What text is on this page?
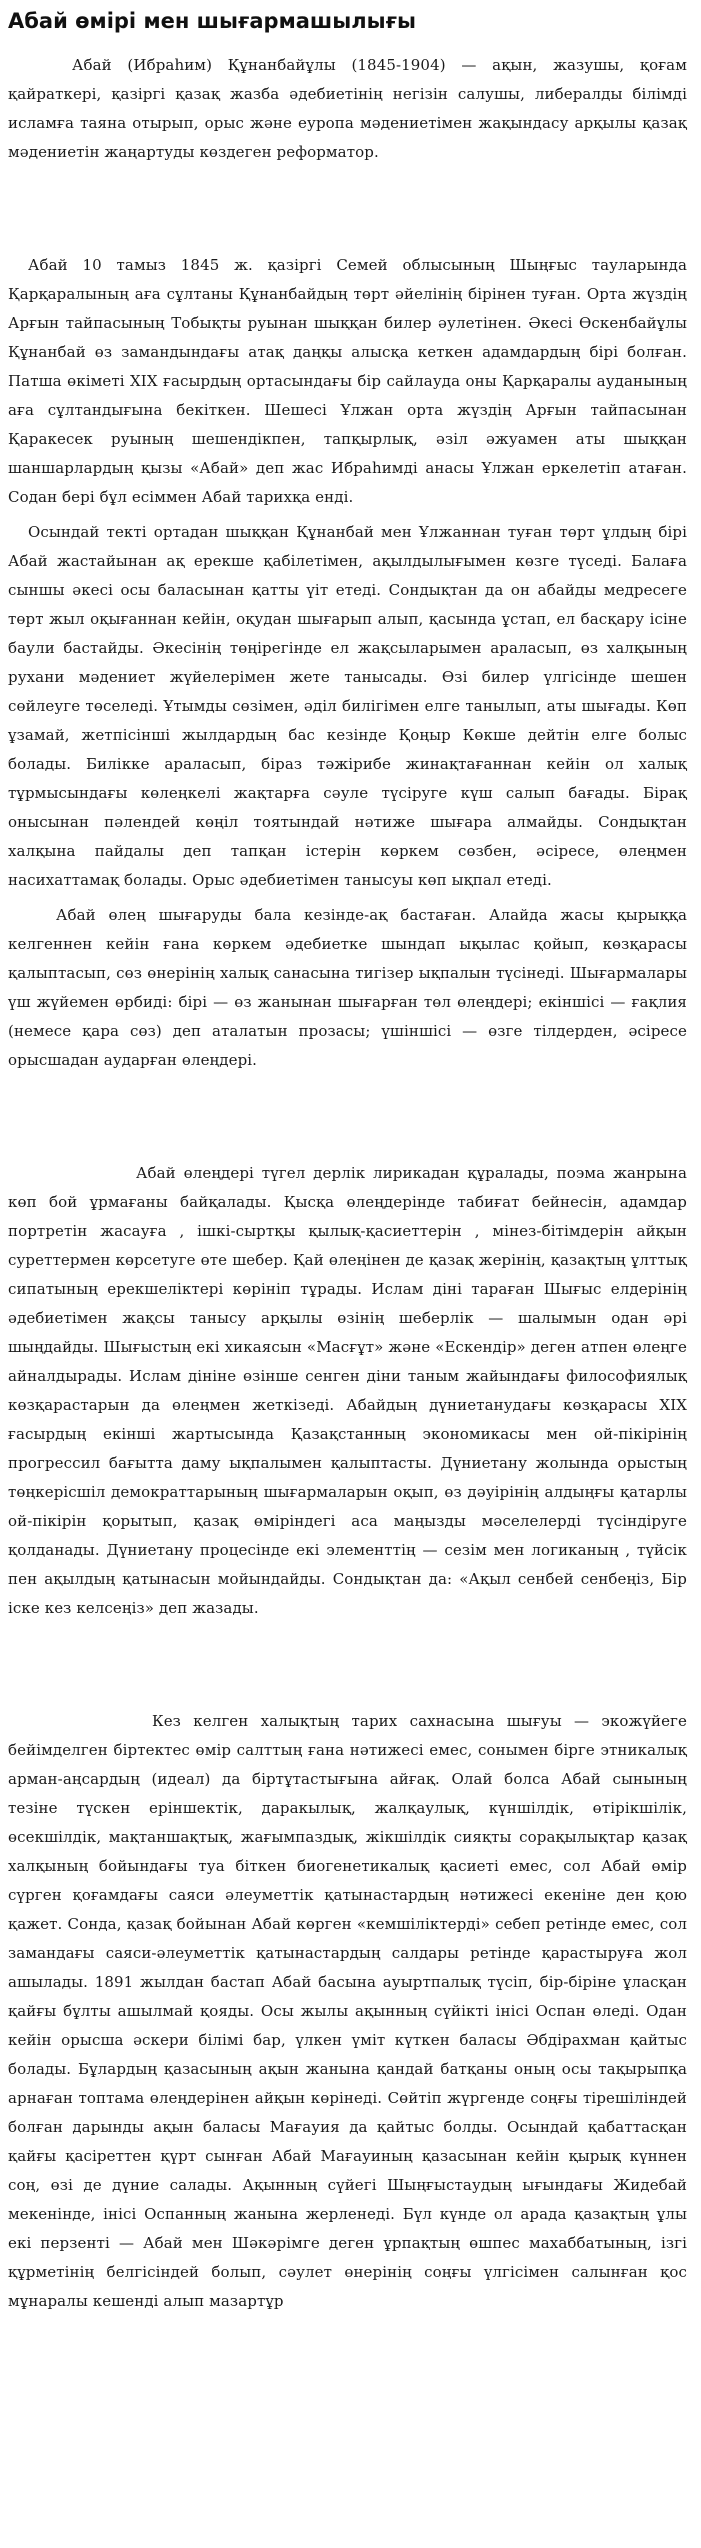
Абай өмірі мен шығармашылығы

Абай (Ибраһим) Құнанбайұлы (1845-1904) — ақын, жазушы, қоғам қайраткері, қазіргі қазақ жазба әдебиетінің негізін салушы, либералды білімді исламға таяна отырып, орыс және еуропа мәдениетімен жақындасу арқылы қазақ мәдениетін жаңартуды көздеген реформатор.

Абай 10 тамыз 1845 ж. қазіргі Семей облысының Шыңғыс тауларында Қарқаралының аға сұлтаны Құнанбайдың төрт әйелінің бірінен туған. Орта жүздің Арғын тайпасының Тобықты руынан шыққан билер әулетінен. Әкесі Өскенбайұлы Құнанбай өз замандындағы атақ даңқы алысқа кеткен адамдардың бірі болған. Патша өкіметі XIX ғасырдың ортасындағы бір сайлауда оны Қарқаралы ауданының аға сұлтандығына бекіткен. Шешесі Ұлжан орта жүздің Арғын тайпасынан Қаракесек руының шешендікпен, тапқырлық, әзіл әжуамен аты шыққан шаншарлардың қызы «Абай» деп жас Ибраһимді анасы Ұлжан еркелетіп атаған. Содан бері бұл есіммен Абай тарихқа енді.

Осындай текті ортадан шыққан Құнанбай мен Ұлжаннан туған төрт ұлдың бірі Абай жастайынан ақ ерекше қабілетімен, ақылдылығымен көзге түседі. Балаға сыншы әкесі осы баласынан қатты үіт етеді. Сондықтан да он абайды медресеге төрт жыл оқығаннан кейін, оқудан шығарып алып, қасында ұстап, ел басқару ісіне баули бастайды. Әкесінің төңірегінде ел жақсыларымен араласып, өз халқының рухани мәдениет жүйелерімен жете танысады. Өзі билер үлгісінде шешен сөйлеуге төселеді. Ұтымды сөзімен, әділ билігімен елге танылып, аты шығады. Көп ұзамай, жетпісінші жылдардың бас кезінде Қоңыр Көкше дейтін елге болыс болады. Билікке араласып, біраз тәжірибе жинақтағаннан кейін ол халық тұрмысындағы көлеңкелі жақтарға сәуле түсіруге күш салып бағады. Бірақ онысынан пәлендей көңіл тоятындай нәтиже шығара алмайды. Сондықтан халқына пайдалы деп тапқан істерін көркем сөзбен, әсіресе, өлеңмен насихаттамақ болады. Орыс әдебиетімен танысуы көп ықпал етеді.

Абай өлең шығаруды бала кезінде-ақ бастаған. Алайда жасы қырыққа келгеннен кейін ғана көркем әдебиетке шындап ықылас қойып, көзқарасы қалыптасып, сөз өнерінің халық санасына тигізер ықпалын түсінеді. Шығармалары үш жүйемен өрбиді: бірі — өз жанынан шығарған төл өлеңдері; екіншісі — ғақлия (немесе қара сөз) деп аталатын прозасы; үшіншісі — өзге тілдерден, әсіресе орысшадан аударған өлеңдері.

Абай өлеңдері түгел дерлік лирикадан құралады, поэма жанрына көп бой ұрмағаны байқалады. Қысқа өлеңдерінде табиғат бейнесін, адамдар портретін жасауға , ішкі-сыртқы қылық-қасиеттерін , мінез-бітімдерін айқын суреттермен көрсетуге өте шебер. Қай өлеңінен де қазақ жерінің, қазақтың ұлттық сипатының ерекшеліктері көрініп тұрады. Ислам діні тараған Шығыс елдерінің әдебиетімен жақсы танысу арқылы өзінің шеберлік — шалымын одан әрі шыңдайды. Шығыстың екі хикаясын «Масғұт» және «Ескендір» деген атпен өлеңге айналдырады. Ислам дініне өзінше сенген діни таным жайындағы философиялық көзқарастарын да өлеңмен жеткізеді. Абайдың дүниетанудағы көзқарасы XIX ғасырдың екінші жартысында Қазақстанның экономикасы мен ой-пікірінің прогрессил бағытта даму ықпалымен қалыптасты. Дүниетану жолында орыстың төңкерісшіл демократтарының шығармаларын оқып, өз дәуірінің алдыңғы қатарлы ой-пікірін қорытып, қазақ өміріндегі аса маңызды мәселелерді түсіндіруге қолданады. Дүниетану процесінде екі элементтің — сезім мен логиканың , түйсік пен ақылдың қатынасын мойындайды. Сондықтан да: «Ақыл сенбей сенбеңіз, Бір іске кез келсеңіз» деп жазады.

Кез келген халықтың тарих сахнасына шығуы — экожүйеге бейімделген біртектес өмір салттың ғана нәтижесі емес, сонымен бірге этникалық арман-аңсардың (идеал) да біртұтастығына айғақ. Олай болса Абай сынының тезіне түскен еріншектік, даракылық, жалқаулық, күншілдік, өтірікшілік, өсекшілдік, мақтаншақтық, жағымпаздық, жікшілдік сияқты сорақылықтар қазақ халқының бойындағы туа біткен биогенетикалық қасиеті емес, сол Абай өмір сүрген қоғамдағы саяси әлеуметтік қатынастардың нәтижесі екеніне ден қою қажет. Сонда, қазақ бойынан Абай көрген «кемшіліктерді» себеп ретінде емес, сол замандағы саяси-әлеуметтік қатынастардың салдары ретінде қарастыруға жол ашылады. 1891 жылдан бастап Абай басына ауыртпалық түсіп, бір-біріне ұласқан қайғы бұлты ашылмай қояды. Осы жылы ақынның сүйікті інісі Оспан өледі. Одан кейін орысша әскери білімі бар, үлкен үміт күткен баласы Әбдірахман қайтыс болады. Бұлардың қазасының ақын жанына қандай батқаны оның осы тақырыпқа арнаған топтама өлеңдерінен айқын көрінеді. Сөйтіп жүргенде соңғы тірешіліндей болған дарынды ақын баласы Мағауия да қайтыс болды. Осындай қабаттасқан қайғы қасіреттен қүрт сынған Абай Мағауиның қазасынан кейін қырық күннен соң, өзі де дүние салады. Ақынның сүйегі Шыңғыстаудың ығындағы Жидебай мекенінде, інісі Оспанның жанына жерленеді. Бүл күнде ол арада қазақтың ұлы екі перзенті — Абай мен Шәкәрімге деген ұрпақтың өшпес махаббатының, ізгі құрметінің белгісіндей болып, сәулет өнерінің соңғы үлгісімен салынған қос мұнаралы кешенді алып мазартұр
